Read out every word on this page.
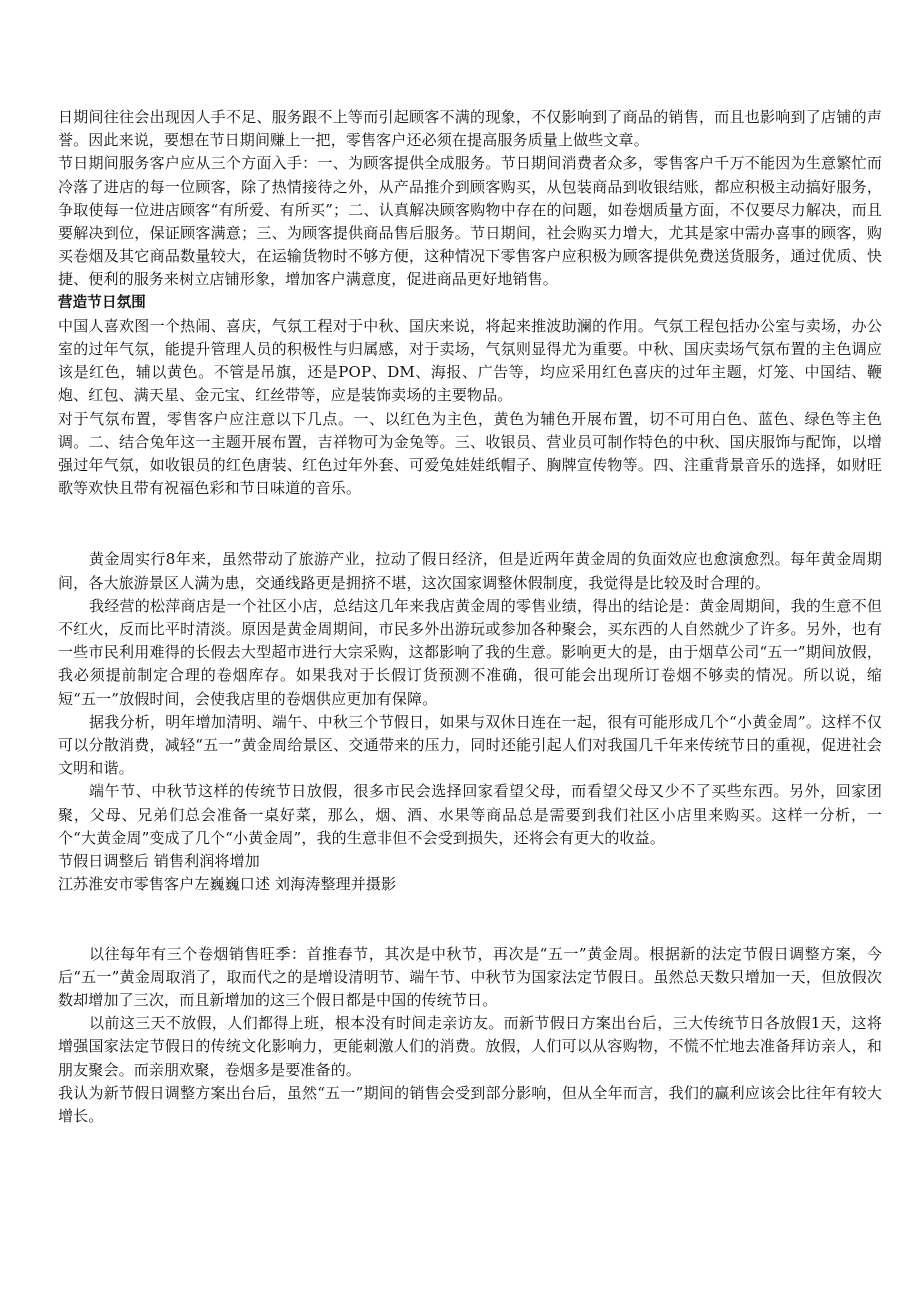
日期间往往会出现因人手不足、服务跟不上等而引起顾客不满的现象，不仅影响到了商品的销售，而且也影响到了店铺的声誉。因此来说，要想在节日期间赚上一把，零售客户还必须在提高服务质量上做些文章。

节日期间服务客户应从三个方面入手：一、为顾客提供全成服务。节日期间消费者众多，零售客户千万不能因为生意繁忙而冷落了进店的每一位顾客，除了热情接待之外，从产品推介到顾客购买，从包装商品到收银结账，都应积极主动搞好服务，争取使每一位进店顾客“有所爱、有所买”；二、认真解决顾客购物中存在的问题，如卷烟质量方面，不仅要尽力解决，而且要解决到位，保证顾客满意；三、为顾客提供商品售后服务。节日期间，社会购买力增大，尤其是家中需办喜事的顾客，购买卷烟及其它商品数量较大，在运输货物时不够方便，这种情况下零售客户应积极为顾客提供免费送货服务，通过优质、快捷、便利的服务来树立店铺形象，增加客户满意度，促进商品更好地销售。

营造节日氛围

中国人喜欢图一个热闹、喜庆，气氛工程对于中秋、国庆来说，将起来推波助澜的作用。气氛工程包括办公室与卖场，办公室的过年气氛，能提升管理人员的积极性与归属感，对于卖场，气氛则显得尤为重要。中秋、国庆卖场气氛布置的主色调应该是红色，辅以黄色。不管是吊旗，还是POP、DM、海报、广告等，均应采用红色喜庆的过年主题，灯笼、中国结、鞭炮、红包、满天星、金元宝、红丝带等，应是装饰卖场的主要物品。

对于气氛布置，零售客户应注意以下几点。一、以红色为主色，黄色为辅色开展布置，切不可用白色、蓝色、绿色等主色调。二、结合兔年这一主题开展布置，吉祥物可为金兔等。三、收银员、营业员可制作特色的中秋、国庆服饰与配饰，以增强过年气氛，如收银员的红色唐装、红色过年外套、可爱兔娃娃纸帽子、胸牌宣传物等。四、注重背景音乐的选择，如财旺歌等欢快且带有祝福色彩和节日味道的音乐。

黄金周实行8年来，虽然带动了旅游产业，拉动了假日经济，但是近两年黄金周的负面效应也愈演愈烈。每年黄金周期间，各大旅游景区人满为患，交通线路更是拥挤不堪，这次国家调整休假制度，我觉得是比较及时合理的。

我经营的松萍商店是一个社区小店，总结这几年来我店黄金周的零售业绩，得出的结论是：黄金周期间，我的生意不但不红火，反而比平时清淡。原因是黄金周期间，市民多外出游玩或参加各种聚会，买东西的人自然就少了许多。另外，也有一些市民利用难得的长假去大型超市进行大宗采购，这都影响了我的生意。影响更大的是，由于烟草公司“五一”期间放假，我必须提前制定合理的卷烟库存。如果我对于长假订货预测不准确，很可能会出现所订卷烟不够卖的情况。所以说，缩短“五一”放假时间，会使我店里的卷烟供应更加有保障。

据我分析，明年增加清明、端午、中秋三个节假日，如果与双休日连在一起，很有可能形成几个“小黄金周”。这样不仅可以分散消费，减轻“五一”黄金周给景区、交通带来的压力，同时还能引起人们对我国几千年来传统节日的重视，促进社会文明和谐。

端午节、中秋节这样的传统节日放假，很多市民会选择回家看望父母，而看望父母又少不了买些东西。另外，回家团聚，父母、兄弟们总会准备一桌好菜，那么，烟、酒、水果等商品总是需要到我们社区小店里来购买。这样一分析，一个“大黄金周”变成了几个“小黄金周”，我的生意非但不会受到损失，还将会有更大的收益。

节假日调整后 销售利润将增加

江苏淮安市零售客户左巍巍口述 刘海涛整理并摄影

以往每年有三个卷烟销售旺季：首推春节，其次是中秋节，再次是“五一”黄金周。根据新的法定节假日调整方案，今后“五一”黄金周取消了，取而代之的是增设清明节、端午节、中秋节为国家法定节假日。虽然总天数只增加一天，但放假次数却增加了三次，而且新增加的这三个假日都是中国的传统节日。

以前这三天不放假，人们都得上班，根本没有时间走亲访友。而新节假日方案出台后，三大传统节日各放假1天，这将增强国家法定节假日的传统文化影响力，更能刺激人们的消费。放假，人们可以从容购物，不慌不忙地去准备拜访亲人，和朋友聚会。而亲朋欢聚，卷烟多是要准备的。

我认为新节假日调整方案出台后，虽然“五一”期间的销售会受到部分影响，但从全年而言，我们的赢利应该会比往年有较大增长。
